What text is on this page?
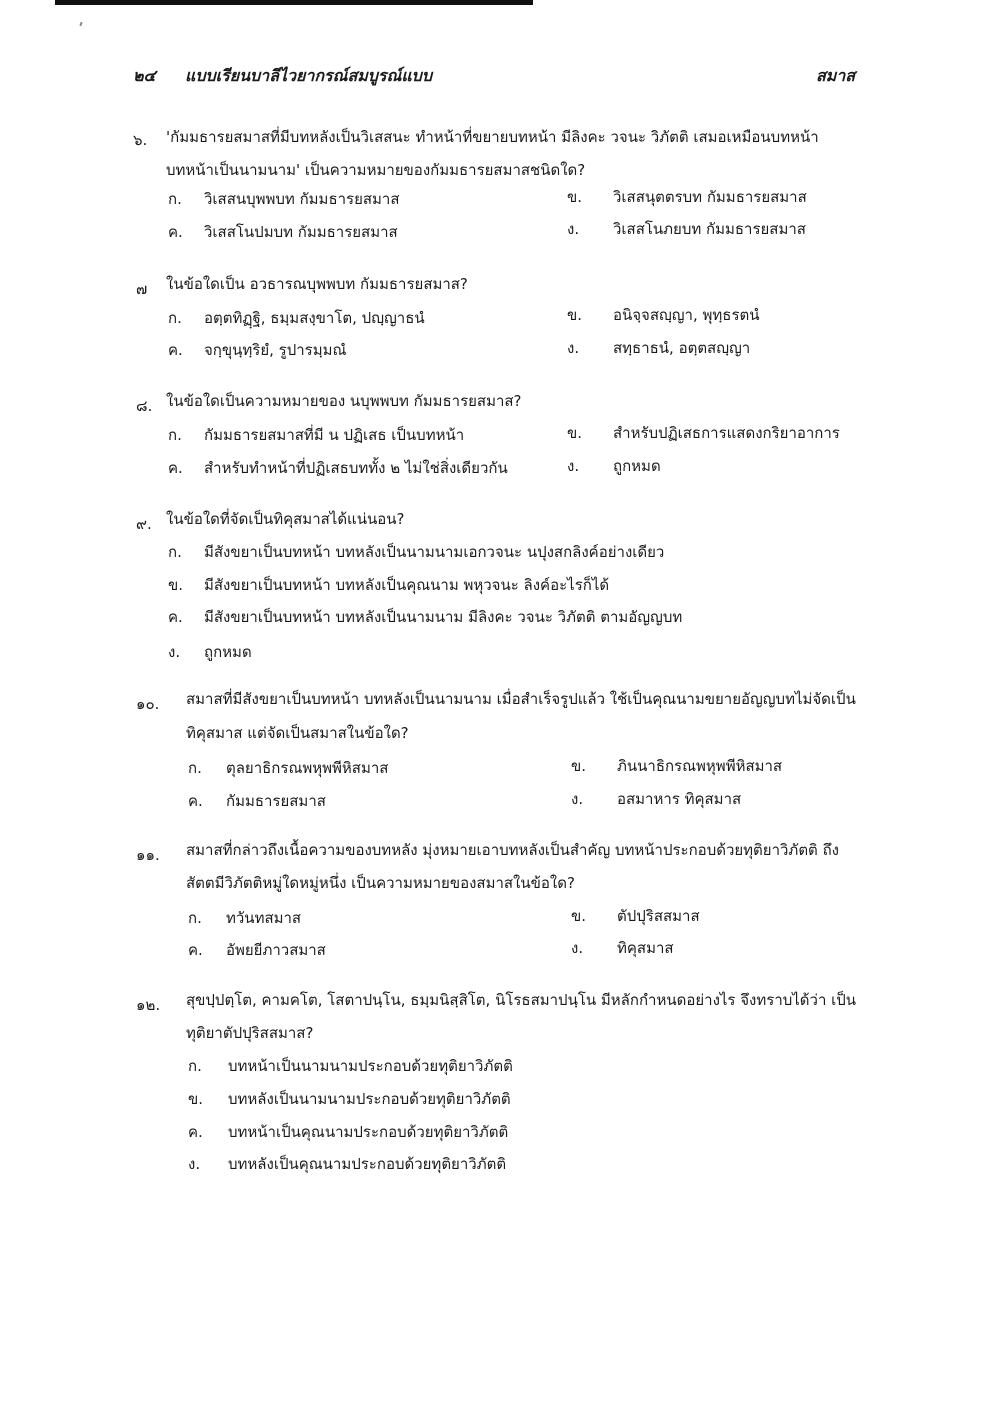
๒๔ แบบเรียนบาลีไวยากรณ์สมบูรณ์แบบ	สมาส
๖. 'กัมมธารยสมาสที่มีบทหลังเป็นวิเสสนะ ทำหน้าที่ขยายบทหน้า มีลิงคะ วจนะ วิภัตติ เสมอเหมือนบทหน้า
บทหน้าเป็นนามนาม' เป็นความหมายของกัมมธารยสมาสชนิดใด?
ก. วิเสสนบุพพบท กัมมธารยสมาส	ข. วิเสสนุตตรบท กัมมธารยสมาส
ค. วิเสสโนปมบท กัมมธารยสมาส	ง. วิเสสโนภยบท กัมมธารยสมาส
๗ ในข้อใดเป็น อวธารณบุพพบท กัมมธารยสมาส?
ก. อตฺตทิฏฺฐิ, ธมฺมสงฺขาโต, ปญฺญาธนํ	ข. อนิจฺจสญฺญา, พุทฺธรตนํ
ค. จกฺขุนฺทฺริยํ, รูปารมฺมณํ	ง. สทฺธาธนํ, อตฺตสญฺญา
๘. ในข้อใดเป็นความหมายของ นบุพพบท กัมมธารยสมาส?
ก. กัมมธารยสมาสที่มี น ปฏิเสธ เป็นบทหน้า	ข. สำหรับปฏิเสธการแสดงกริยาอาการ
ค. สำหรับทำหน้าที่ปฏิเสธบททั้ง ๒ ไม่ใช่สิ่งเดียวกัน	ง. ถูกหมด
๙. ในข้อใดที่จัดเป็นทิคุสมาสได้แน่นอน?
ก. มีสังขยาเป็นบทหน้า บทหลังเป็นนามนามเอกวจนะ นปุงสกลิงค์อย่างเดียว
ข. มีสังขยาเป็นบทหน้า บทหลังเป็นคุณนาม พหุวจนะ ลิงค์อะไรก็ได้
ค. มีสังขยาเป็นบทหน้า บทหลังเป็นนามนาม มีลิงคะ วจนะ วิภัตติ ตามอัญญบท
ง. ถูกหมด
๑๐. สมาสที่มีสังขยาเป็นบทหน้า บทหลังเป็นนามนาม เมื่อสำเร็จรูปแล้ว ใช้เป็นคุณนามขยายอัญญบทไม่จัดเป็น
ทิคุสมาส แต่จัดเป็นสมาสในข้อใด?
ก. ตุลยาธิกรณพหุพพีหิสมาส	ข. ภินนาธิกรณพหุพพีหิสมาส
ค. กัมมธารยสมาส	ง. อสมาหาร ทิคุสมาส
๑๑. สมาสที่กล่าวถึงเนื้อความของบทหลัง มุ่งหมายเอาบทหลังเป็นสำคัญ บทหน้าประกอบด้วยทุติยาวิภัตติ ถึง
สัตตมีวิภัตติหมู่ใดหมู่หนึ่ง เป็นความหมายของสมาสในข้อใด?
ก. ทวันทสมาส	ข. ตัปปุริสสมาส
ค. อัพยยีภาวสมาส	ง. ทิคุสมาส
๑๒. สุขปฺปตฺโต, คามคโต, โสตาปนฺโน, ธมฺมนิสฺสิโต, นิโรธสมาปนฺโน มีหลักกำหนดอย่างไร จึงทราบได้ว่า เป็น
ทุติยาตัปปุริสสมาส?
ก. บทหน้าเป็นนามนามประกอบด้วยทุติยาวิภัตติ
ข. บทหลังเป็นนามนามประกอบด้วยทุติยาวิภัตติ
ค. บทหน้าเป็นคุณนามประกอบด้วยทุติยาวิภัตติ
ง. บทหลังเป็นคุณนามประกอบด้วยทุติยาวิภัตติ
